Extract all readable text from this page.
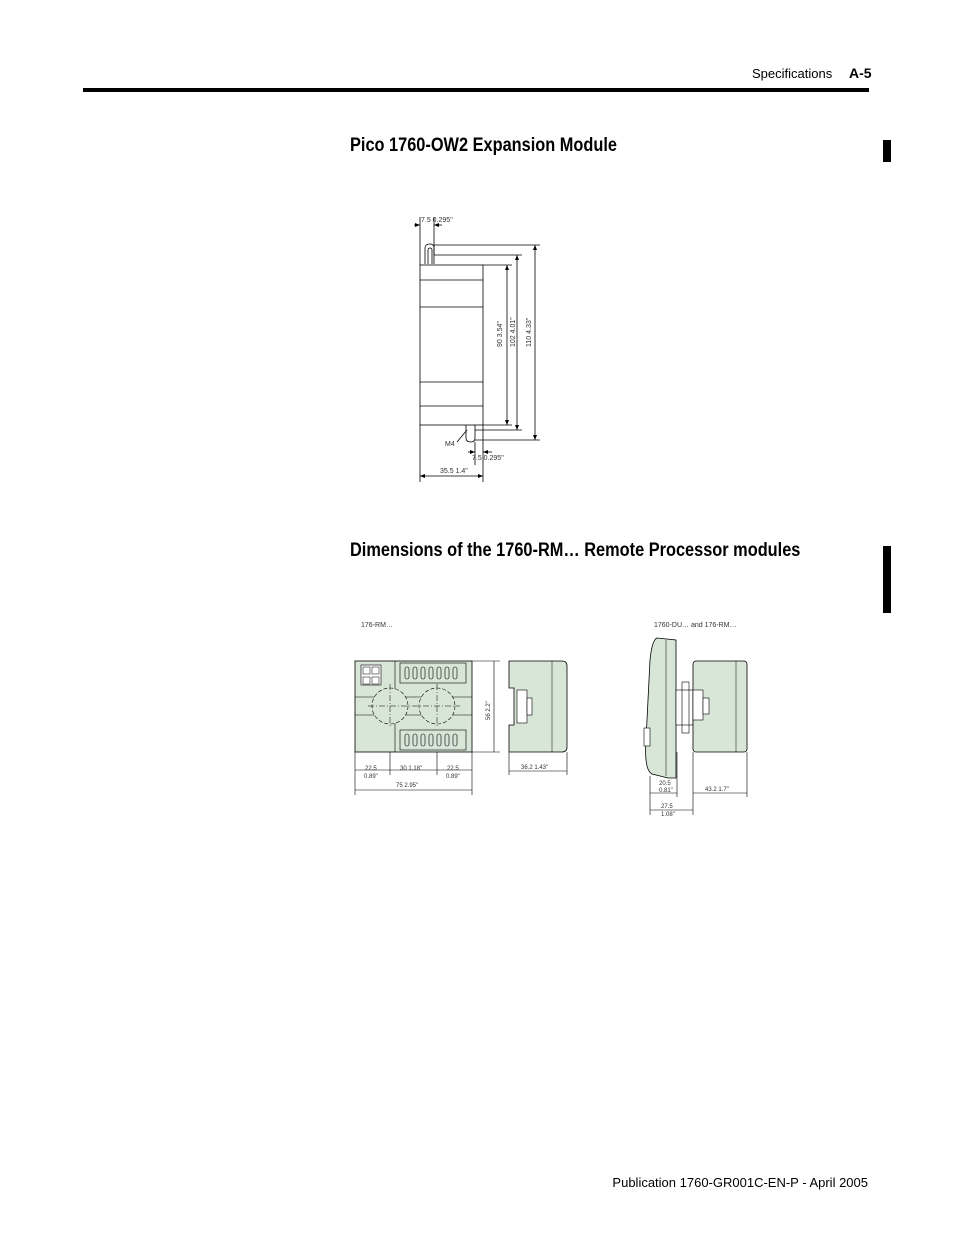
Specifications A-5
Pico 1760-OW2 Expansion Module
Dimensions of the 1760-RM… Remote Processor modules
7.5 0.295"
90 3.54" 102 4.01" 110 4.33"
M4
7.5 0.295"
35.5 1.4"
176-RM…	1760-DU… and 176-RM…
22.5
0.89"
30 1.18"	22.5
0.89"
75 2.95"
56 2.2"
36.2 1.43"
20.5
0.81"	43.2 1.7"
27.5
1.08"
Publication 1760-GR001C-EN-P - April 2005
